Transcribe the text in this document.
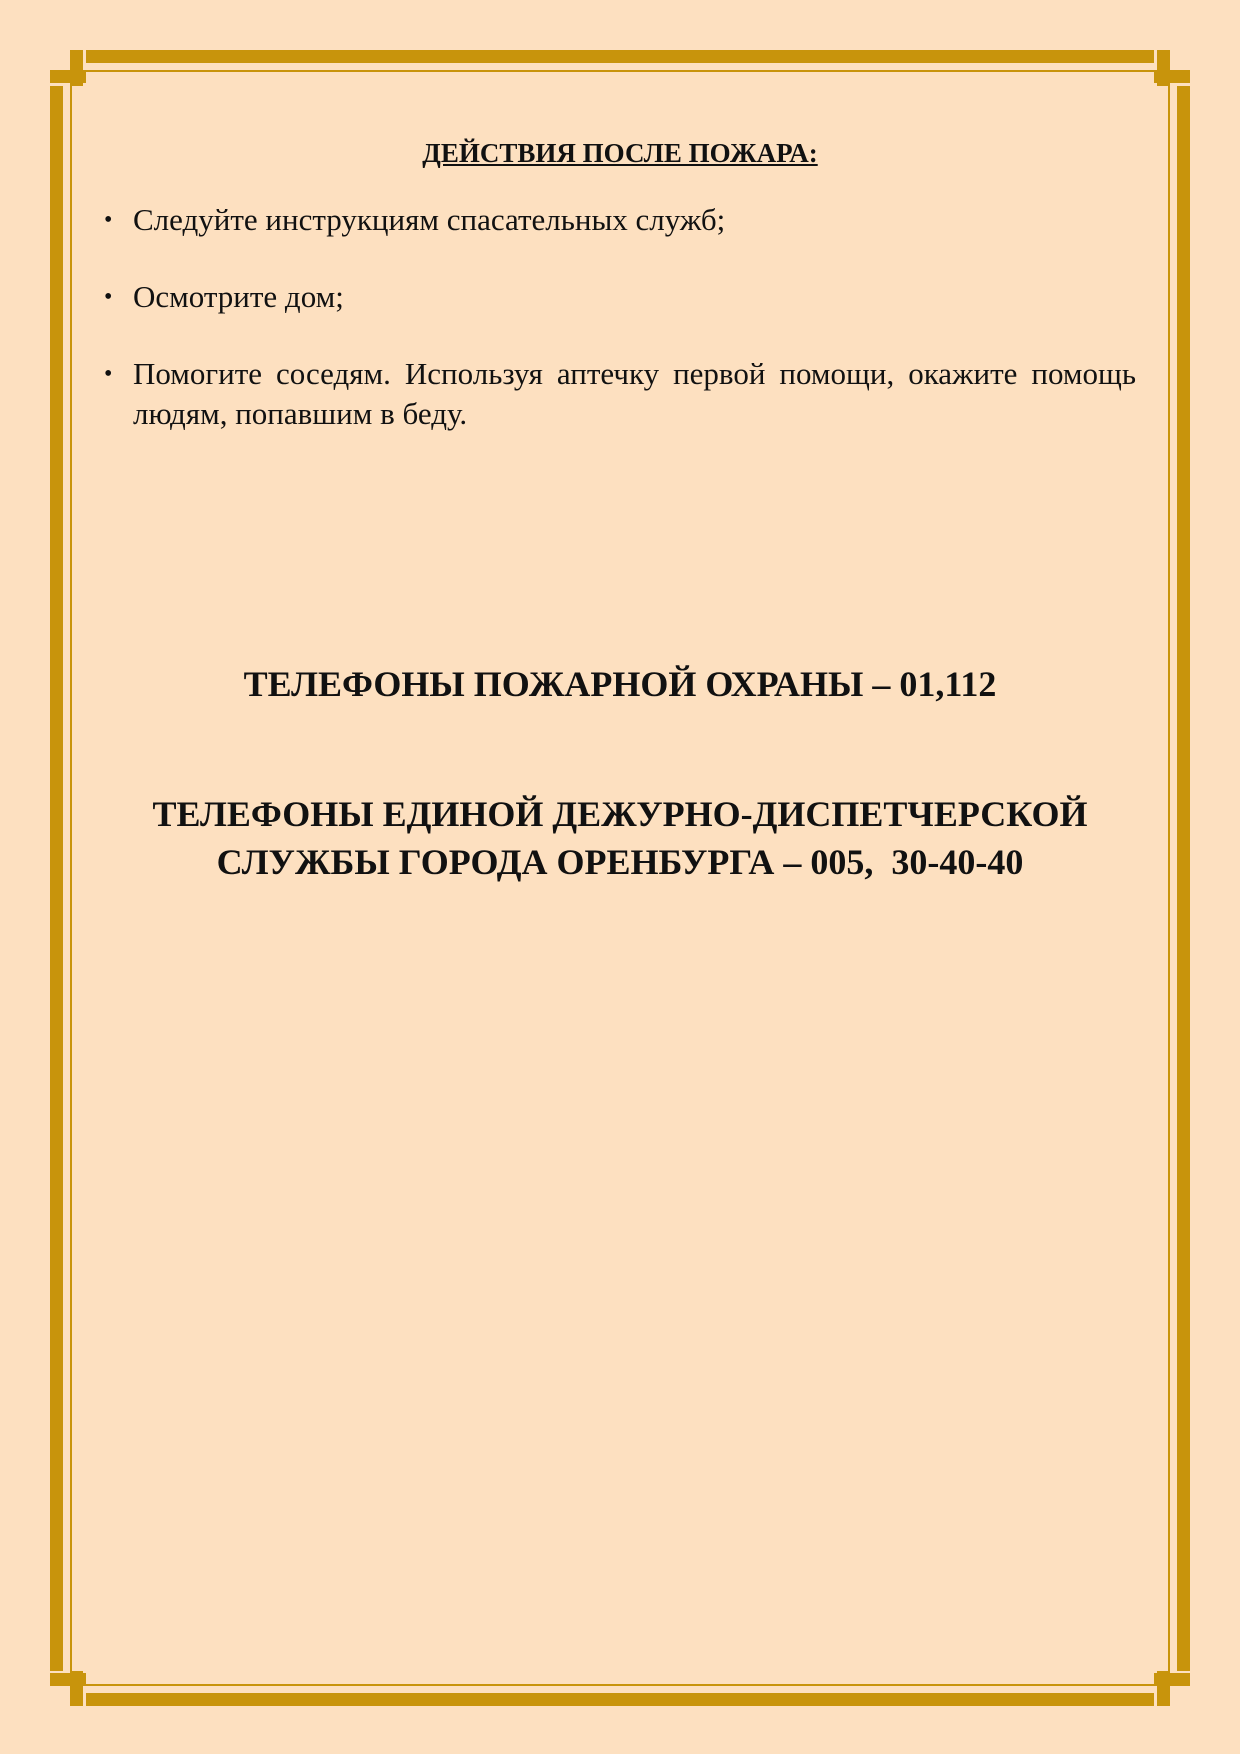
ДЕЙСТВИЯ ПОСЛЕ ПОЖАРА:
• Следуйте инструкциям спасательных служб;
• Осмотрите дом;
• Помогите соседям. Используя аптечку первой помощи, окажите помощь людям, попавшим в беду.

ТЕЛЕФОНЫ ПОЖАРНОЙ ОХРАНЫ – 01,112

ТЕЛЕФОНЫ ЕДИНОЙ ДЕЖУРНО-ДИСПЕТЧЕРСКОЙ
СЛУЖБЫ ГОРОДА ОРЕНБУРГА – 005,  30-40-40
